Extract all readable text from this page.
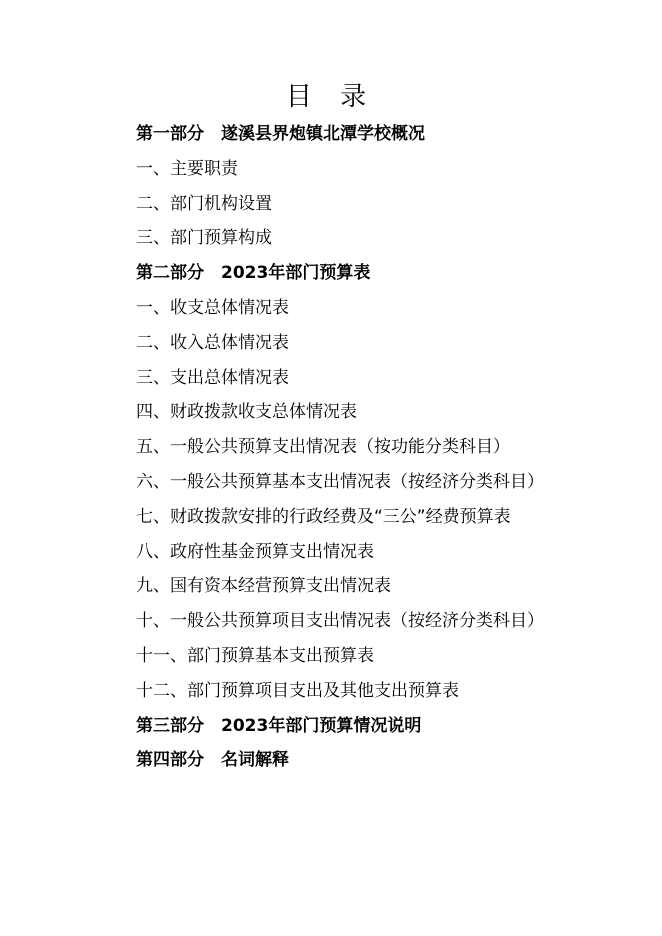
目 录
第一部分 遂溪县界炮镇北潭学校概况
一、主要职责
二、部门机构设置
三、部门预算构成
第二部分 2023年部门预算表
一、收支总体情况表
二、收入总体情况表
三、支出总体情况表
四、财政拨款收支总体情况表
五、一般公共预算支出情况表（按功能分类科目）
六、一般公共预算基本支出情况表（按经济分类科目）
七、财政拨款安排的行政经费及“三公”经费预算表
八、政府性基金预算支出情况表
九、国有资本经营预算支出情况表
十、一般公共预算项目支出情况表（按经济分类科目）
十一、部门预算基本支出预算表
十二、部门预算项目支出及其他支出预算表
第三部分 2023年部门预算情况说明
第四部分 名词解释
